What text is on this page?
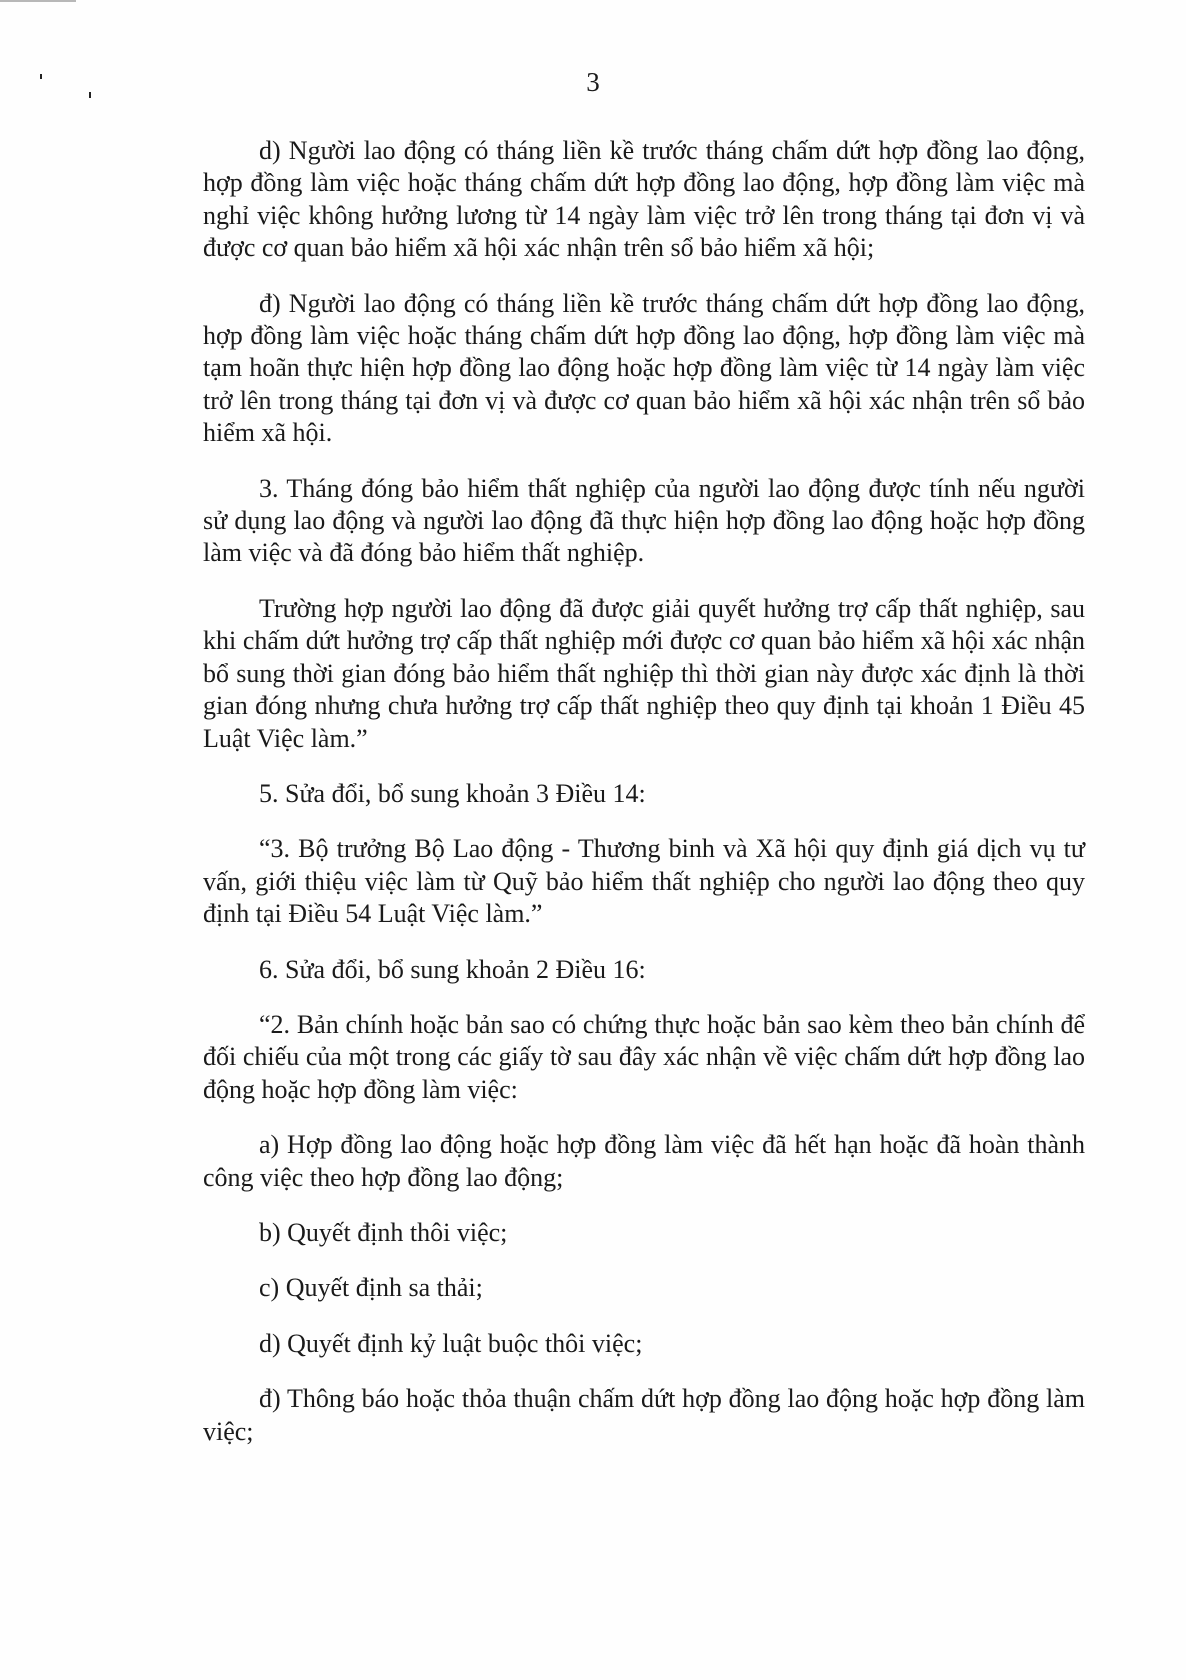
3

d) Người lao động có tháng liền kề trước tháng chấm dứt hợp đồng lao động, hợp đồng làm việc hoặc tháng chấm dứt hợp đồng lao động, hợp đồng làm việc mà nghỉ việc không hưởng lương từ 14 ngày làm việc trở lên trong tháng tại đơn vị và được cơ quan bảo hiểm xã hội xác nhận trên sổ bảo hiểm xã hội;

đ) Người lao động có tháng liền kề trước tháng chấm dứt hợp đồng lao động, hợp đồng làm việc hoặc tháng chấm dứt hợp đồng lao động, hợp đồng làm việc mà tạm hoãn thực hiện hợp đồng lao động hoặc hợp đồng làm việc từ 14 ngày làm việc trở lên trong tháng tại đơn vị và được cơ quan bảo hiểm xã hội xác nhận trên sổ bảo hiểm xã hội.

3. Tháng đóng bảo hiểm thất nghiệp của người lao động được tính nếu người sử dụng lao động và người lao động đã thực hiện hợp đồng lao động hoặc hợp đồng làm việc và đã đóng bảo hiểm thất nghiệp.

Trường hợp người lao động đã được giải quyết hưởng trợ cấp thất nghiệp, sau khi chấm dứt hưởng trợ cấp thất nghiệp mới được cơ quan bảo hiểm xã hội xác nhận bổ sung thời gian đóng bảo hiểm thất nghiệp thì thời gian này được xác định là thời gian đóng nhưng chưa hưởng trợ cấp thất nghiệp theo quy định tại khoản 1 Điều 45 Luật Việc làm.”

5. Sửa đổi, bổ sung khoản 3 Điều 14:

“3. Bộ trưởng Bộ Lao động - Thương binh và Xã hội quy định giá dịch vụ tư vấn, giới thiệu việc làm từ Quỹ bảo hiểm thất nghiệp cho người lao động theo quy định tại Điều 54 Luật Việc làm.”

6. Sửa đổi, bổ sung khoản 2 Điều 16:

“2. Bản chính hoặc bản sao có chứng thực hoặc bản sao kèm theo bản chính để đối chiếu của một trong các giấy tờ sau đây xác nhận về việc chấm dứt hợp đồng lao động hoặc hợp đồng làm việc:

a) Hợp đồng lao động hoặc hợp đồng làm việc đã hết hạn hoặc đã hoàn thành công việc theo hợp đồng lao động;

b) Quyết định thôi việc;

c) Quyết định sa thải;

d) Quyết định kỷ luật buộc thôi việc;

đ) Thông báo hoặc thỏa thuận chấm dứt hợp đồng lao động hoặc hợp đồng làm việc;
